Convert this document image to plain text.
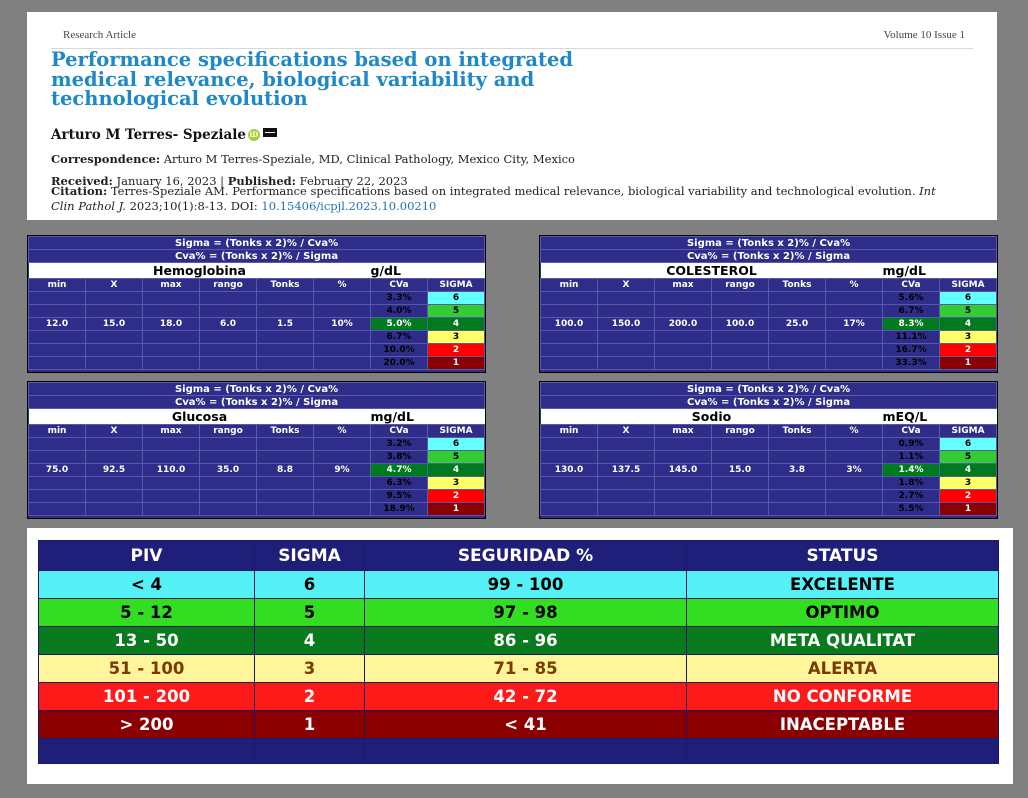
Research Article	Volume 10 Issue 1
Performance specifications based on integrated
medical relevance, biological variability and
technological evolution
Arturo M Terres- Speziale iD
Correspondence: Arturo M Terres-Speziale, MD, Clinical Pathology, Mexico City, Mexico
Received: January 16, 2023 | Published: February 22, 2023
Citation: Terres-Speziale AM. Performance specifications based on integrated medical relevance, biological variability and technological evolution. Int Clin Pathol J. 2023;10(1):8-13. DOI: 10.15406/icpjl.2023.10.00210
Sigma = (Tonks x 2)% / Cva%							
Cva% = (Tonks x 2)% / Sigma							
Hemoglobina						g/dL	
min	X	max	rango	Tonks	%	CVa	SIGMA
						3.3%	6
						4.0%	5
12.0	15.0	18.0	6.0	1.5	10%	5.0%	4
						6.7%	3
						10.0%	2
						20.0%	1
Sigma = (Tonks x 2)% / Cva%							
Cva% = (Tonks x 2)% / Sigma							
COLESTEROL						mg/dL	
min	X	max	rango	Tonks	%	CVa	SIGMA
						5.6%	6
						6.7%	5
100.0	150.0	200.0	100.0	25.0	17%	8.3%	4
						11.1%	3
						16.7%	2
						33.3%	1
Sigma = (Tonks x 2)% / Cva%							
Cva% = (Tonks x 2)% / Sigma							
Glucosa						mg/dL	
min	X	max	rango	Tonks	%	CVa	SIGMA
						3.2%	6
						3.8%	5
75.0	92.5	110.0	35.0	8.8	9%	4.7%	4
						6.3%	3
						9.5%	2
						18.9%	1
Sigma = (Tonks x 2)% / Cva%							
Cva% = (Tonks x 2)% / Sigma							
Sodio						mEQ/L	
min	X	max	rango	Tonks	%	CVa	SIGMA
						0.9%	6
						1.1%	5
130.0	137.5	145.0	15.0	3.8	3%	1.4%	4
						1.8%	3
						2.7%	2
						5.5%	1
PIV	SIGMA	SEGURIDAD %	STATUS
< 4	6	99 - 100	EXCELENTE
5 - 12	5	97 - 98	OPTIMO
13 - 50	4	86 - 96	META QUALITAT
51 - 100	3	71 - 85	ALERTA
101 - 200	2	42 - 72	NO CONFORME
> 200	1	< 41	INACEPTABLE
